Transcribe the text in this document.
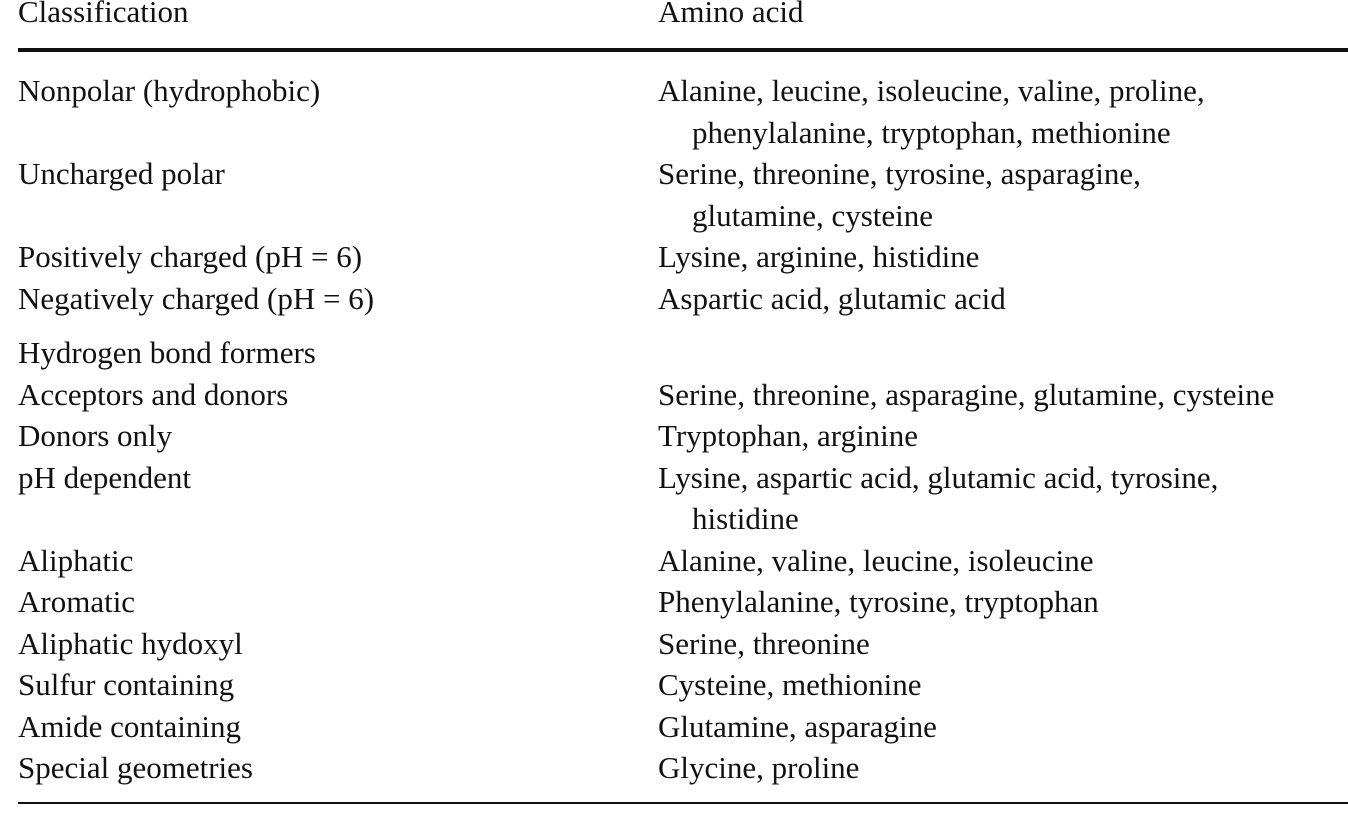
Classification	Amino acid
Nonpolar (hydrophobic)	Alanine, leucine, isoleucine, valine, proline,
phenylalanine, tryptophan, methionine
Uncharged polar	Serine, threonine, tyrosine, asparagine,
glutamine, cysteine
Positively charged (pH = 6)	Lysine, arginine, histidine
Negatively charged (pH = 6)	Aspartic acid, glutamic acid
Hydrogen bond formers
Acceptors and donors	Serine, threonine, asparagine, glutamine, cysteine
Donors only	Tryptophan, arginine
pH dependent	Lysine, aspartic acid, glutamic acid, tyrosine,
histidine
Aliphatic	Alanine, valine, leucine, isoleucine
Aromatic	Phenylalanine, tyrosine, tryptophan
Aliphatic hydoxyl	Serine, threonine
Sulfur containing	Cysteine, methionine
Amide containing	Glutamine, asparagine
Special geometries	Glycine, proline
